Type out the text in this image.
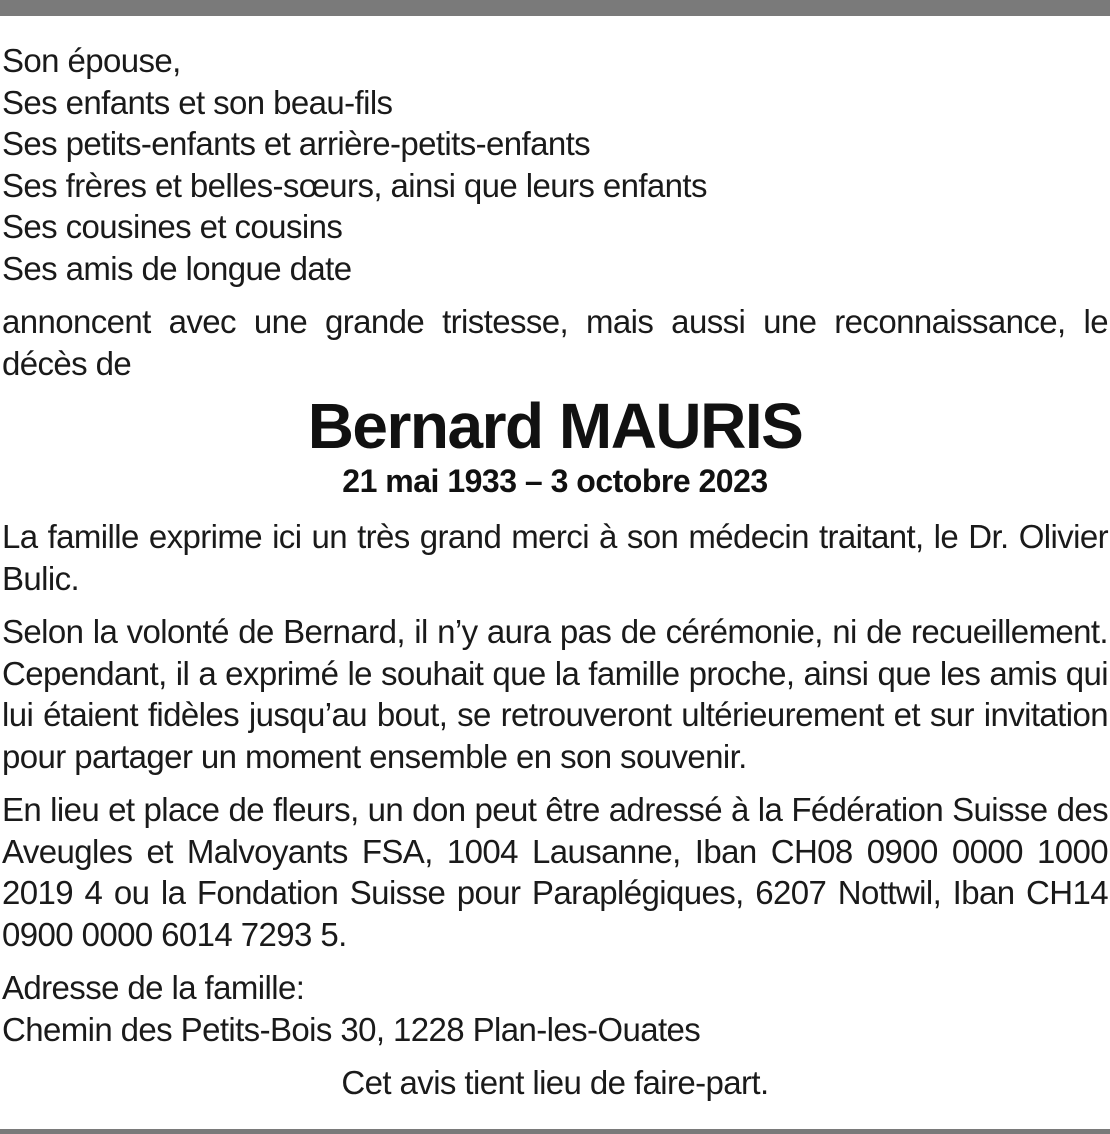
Son épouse,
Ses enfants et son beau-fils
Ses petits-enfants et arrière-petits-enfants
Ses frères et belles-sœurs, ainsi que leurs enfants
Ses cousines et cousins
Ses amis de longue date

annoncent avec une grande tristesse, mais aussi une reconnaissance, le décès de

Bernard MAURIS
21 mai 1933 – 3 octobre 2023

La famille exprime ici un très grand merci à son médecin traitant, le Dr. Olivier Bulic.

Selon la volonté de Bernard, il n’y aura pas de cérémonie, ni de recueillement. Cependant, il a exprimé le souhait que la famille proche, ainsi que les amis qui lui étaient fidèles jusqu’au bout, se retrouveront ultérieurement et sur invitation pour partager un moment ensemble en son souvenir.

En lieu et place de fleurs, un don peut être adressé à la Fédération Suisse des Aveugles et Malvoyants FSA, 1004 Lausanne, Iban CH08 0900 0000 1000 2019 4 ou la Fondation Suisse pour Paraplégiques, 6207 Nottwil, Iban CH14 0900 0000 6014 7293 5.

Adresse de la famille:
Chemin des Petits-Bois 30, 1228 Plan-les-Ouates
Cet avis tient lieu de faire-part.
